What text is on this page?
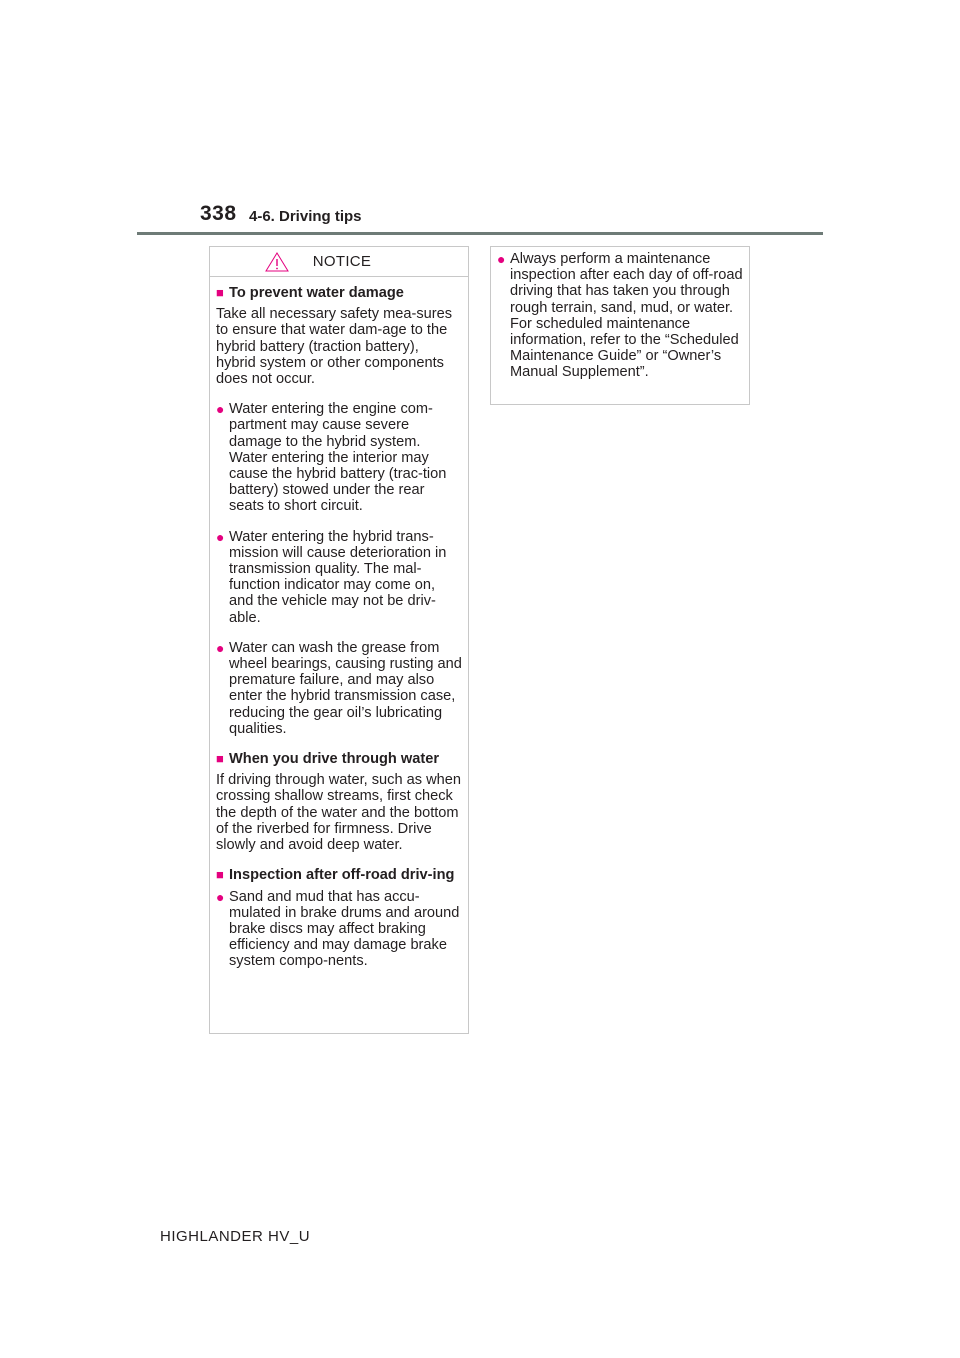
338 4-6. Driving tips
NOTICE
■ To prevent water damage
Take all necessary safety mea-sures to ensure that water dam-age to the hybrid battery (traction battery), hybrid system or other components does not occur.
● Water entering the engine com-partment may cause severe damage to the hybrid system. Water entering the interior may cause the hybrid battery (trac-tion battery) stowed under the rear seats to short circuit.
● Water entering the hybrid trans-mission will cause deterioration in transmission quality. The mal-function indicator may come on, and the vehicle may not be driv-able.
● Water can wash the grease from wheel bearings, causing rusting and premature failure, and may also enter the hybrid transmission case, reducing the gear oil’s lubricating qualities.
■ When you drive through water
If driving through water, such as when crossing shallow streams, first check the depth of the water and the bottom of the riverbed for firmness. Drive slowly and avoid deep water.
■ Inspection after off-road driv-ing
● Sand and mud that has accu-mulated in brake drums and around brake discs may affect braking efficiency and may damage brake system compo-nents.
● Always perform a maintenance inspection after each day of off-road driving that has taken you through rough terrain, sand, mud, or water. For scheduled maintenance information, refer to the “Scheduled Maintenance Guide” or “Owner’s Manual Supplement”.
HIGHLANDER HV_U
